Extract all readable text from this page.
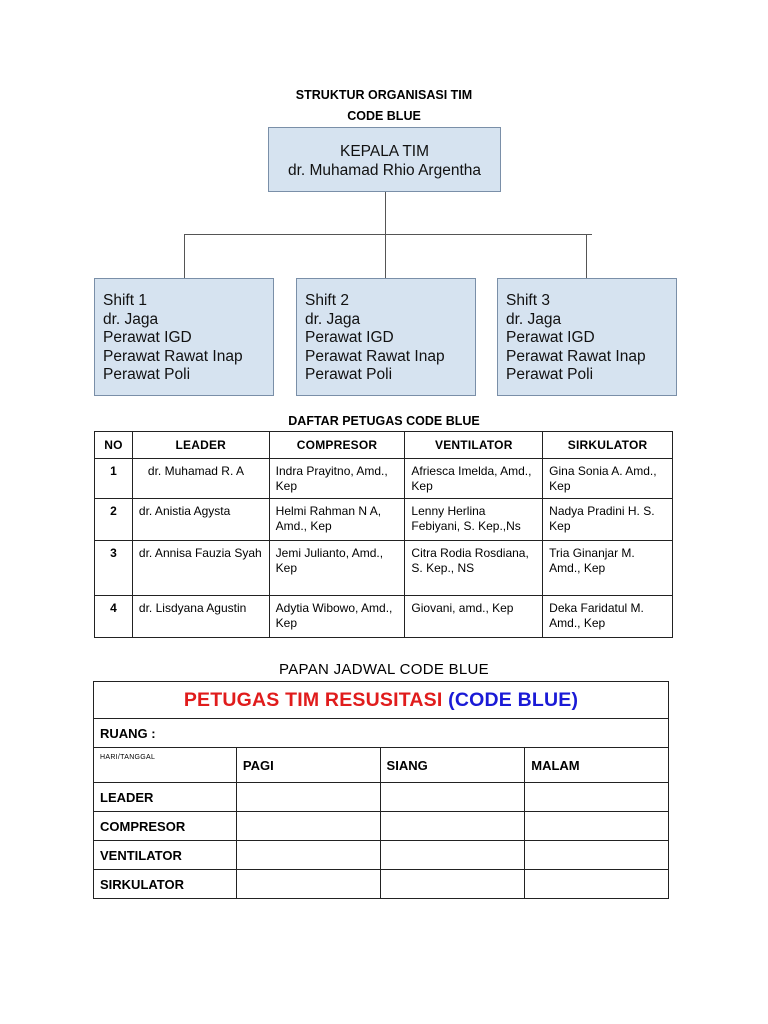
STRUKTUR ORGANISASI TIM
CODE BLUE
KEPALA TIM
dr. Muhamad Rhio Argentha
Shift 1
dr. Jaga
Perawat IGD
Perawat Rawat Inap
Perawat Poli
Shift 2
dr. Jaga
Perawat IGD
Perawat Rawat Inap
Perawat Poli
Shift 3
dr. Jaga
Perawat IGD
Perawat Rawat Inap
Perawat Poli
DAFTAR PETUGAS CODE BLUE
NO	LEADER	COMPRESOR	VENTILATOR	SIRKULATOR
1	dr. Muhamad R. A	Indra Prayitno, Amd., Kep	Afriesca Imelda, Amd., Kep	Gina Sonia A. Amd., Kep
2	dr. Anistia Agysta	Helmi Rahman N A, Amd., Kep	Lenny Herlina Febiyani, S. Kep.,Ns	Nadya Pradini H. S. Kep
3	dr. Annisa Fauzia Syah	Jemi Julianto, Amd., Kep	Citra Rodia Rosdiana, S. Kep., NS	Tria Ginanjar M. Amd., Kep
4	dr. Lisdyana Agustin	Adytia Wibowo, Amd., Kep	Giovani, amd., Kep	Deka Faridatul M. Amd., Kep
PAPAN JADWAL CODE BLUE
PETUGAS TIM RESUSITASI (CODE BLUE)			
RUANG :			
HARI/TANGGAL	PAGI	SIANG	MALAM
LEADER			
COMPRESOR			
VENTILATOR			
SIRKULATOR			
